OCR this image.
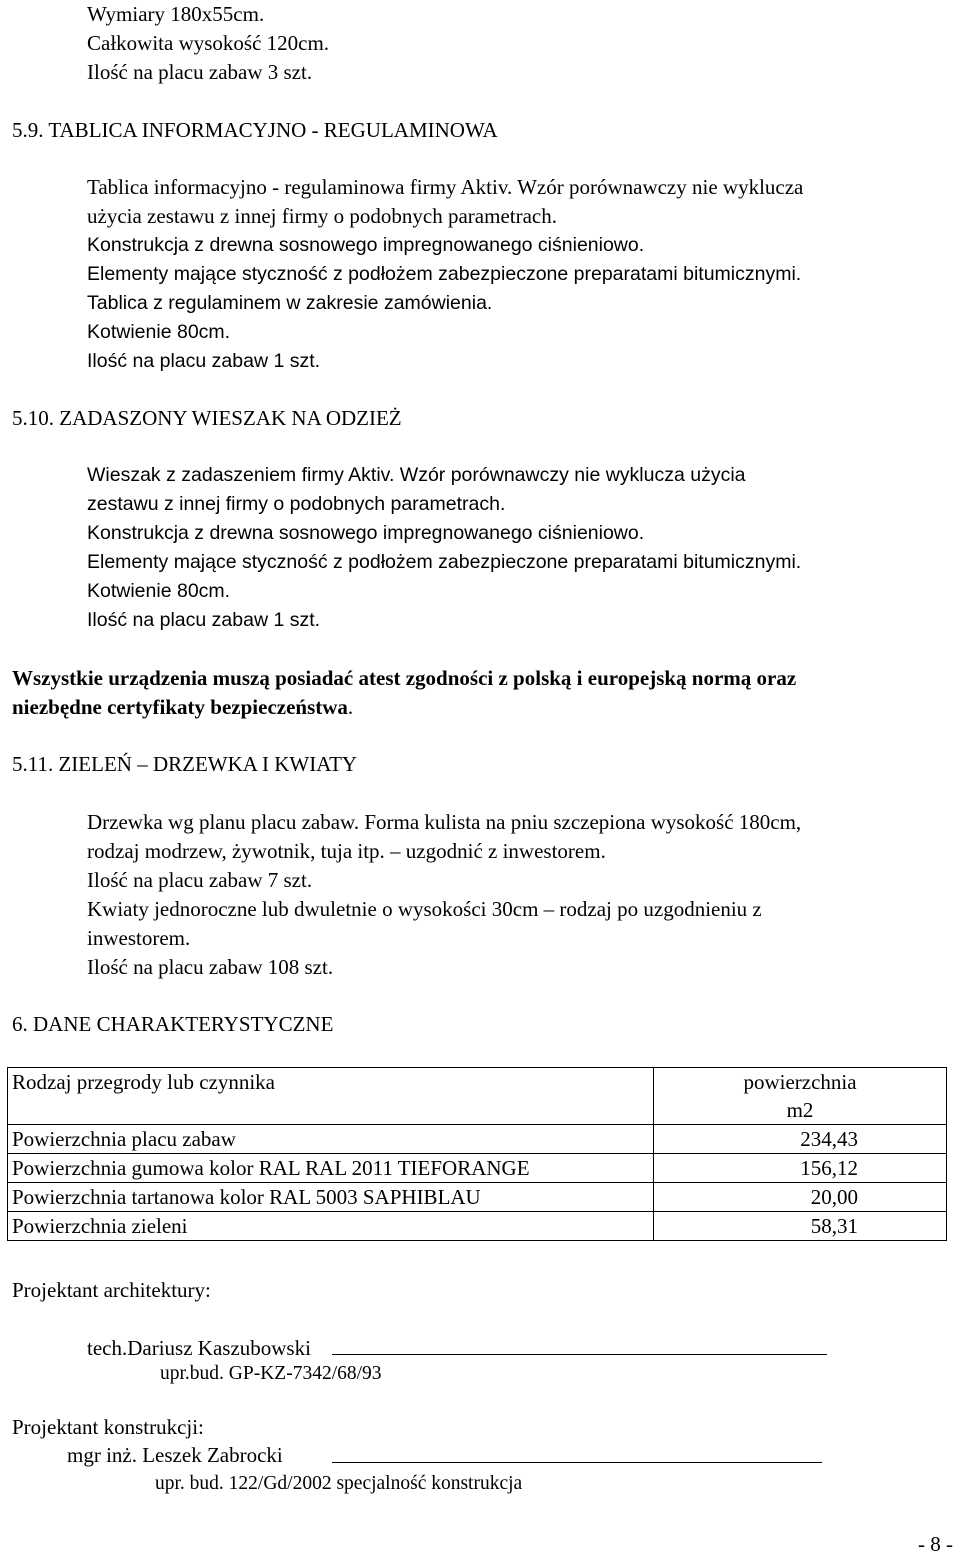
Wymiary 180x55cm.
Całkowita wysokość 120cm.
Ilość na placu zabaw 3 szt.
5.9. TABLICA INFORMACYJNO - REGULAMINOWA
Tablica informacyjno - regulaminowa firmy Aktiv. Wzór porównawczy nie wyklucza
użycia zestawu z innej firmy o podobnych parametrach.
Konstrukcja z drewna sosnowego impregnowanego ciśnieniowo.
Elementy mające styczność z podłożem zabezpieczone preparatami bitumicznymi.
Tablica z regulaminem w zakresie zamówienia.
Kotwienie 80cm.
Ilość na placu zabaw 1 szt.
5.10. ZADASZONY WIESZAK NA ODZIEŻ
Wieszak z zadaszeniem firmy Aktiv. Wzór porównawczy nie wyklucza użycia
zestawu z innej firmy o podobnych parametrach.
Konstrukcja z drewna sosnowego impregnowanego ciśnieniowo.
Elementy mające styczność z podłożem zabezpieczone preparatami bitumicznymi.
Kotwienie 80cm.
Ilość na placu zabaw 1 szt.
Wszystkie urządzenia muszą posiadać atest zgodności z polską i europejską normą oraz
niezbędne certyfikaty bezpieczeństwa.
5.11. ZIELEŃ – DRZEWKA I KWIATY
Drzewka wg planu placu zabaw. Forma kulista na pniu szczepiona wysokość 180cm,
rodzaj modrzew, żywotnik, tuja itp. – uzgodnić z inwestorem.
Ilość na placu zabaw 7 szt.
Kwiaty jednoroczne lub dwuletnie o wysokości 30cm – rodzaj po uzgodnieniu z
inwestorem.
Ilość na placu zabaw 108 szt.
6. DANE CHARAKTERYSTYCZNE
Rodzaj przegrody lub czynnika	powierzchnia
m2

Powierzchnia placu zabaw	234,43
Powierzchnia gumowa kolor RAL RAL 2011 TIEFORANGE	156,12
Powierzchnia tartanowa kolor RAL 5003 SAPHIBLAU	20,00
Powierzchnia zieleni	58,31
Projektant architektury:
tech.Dariusz Kaszubowski
upr.bud. GP-KZ-7342/68/93
Projektant konstrukcji:
mgr inż. Leszek Zabrocki
upr. bud. 122/Gd/2002 specjalność konstrukcja
- 8 -
